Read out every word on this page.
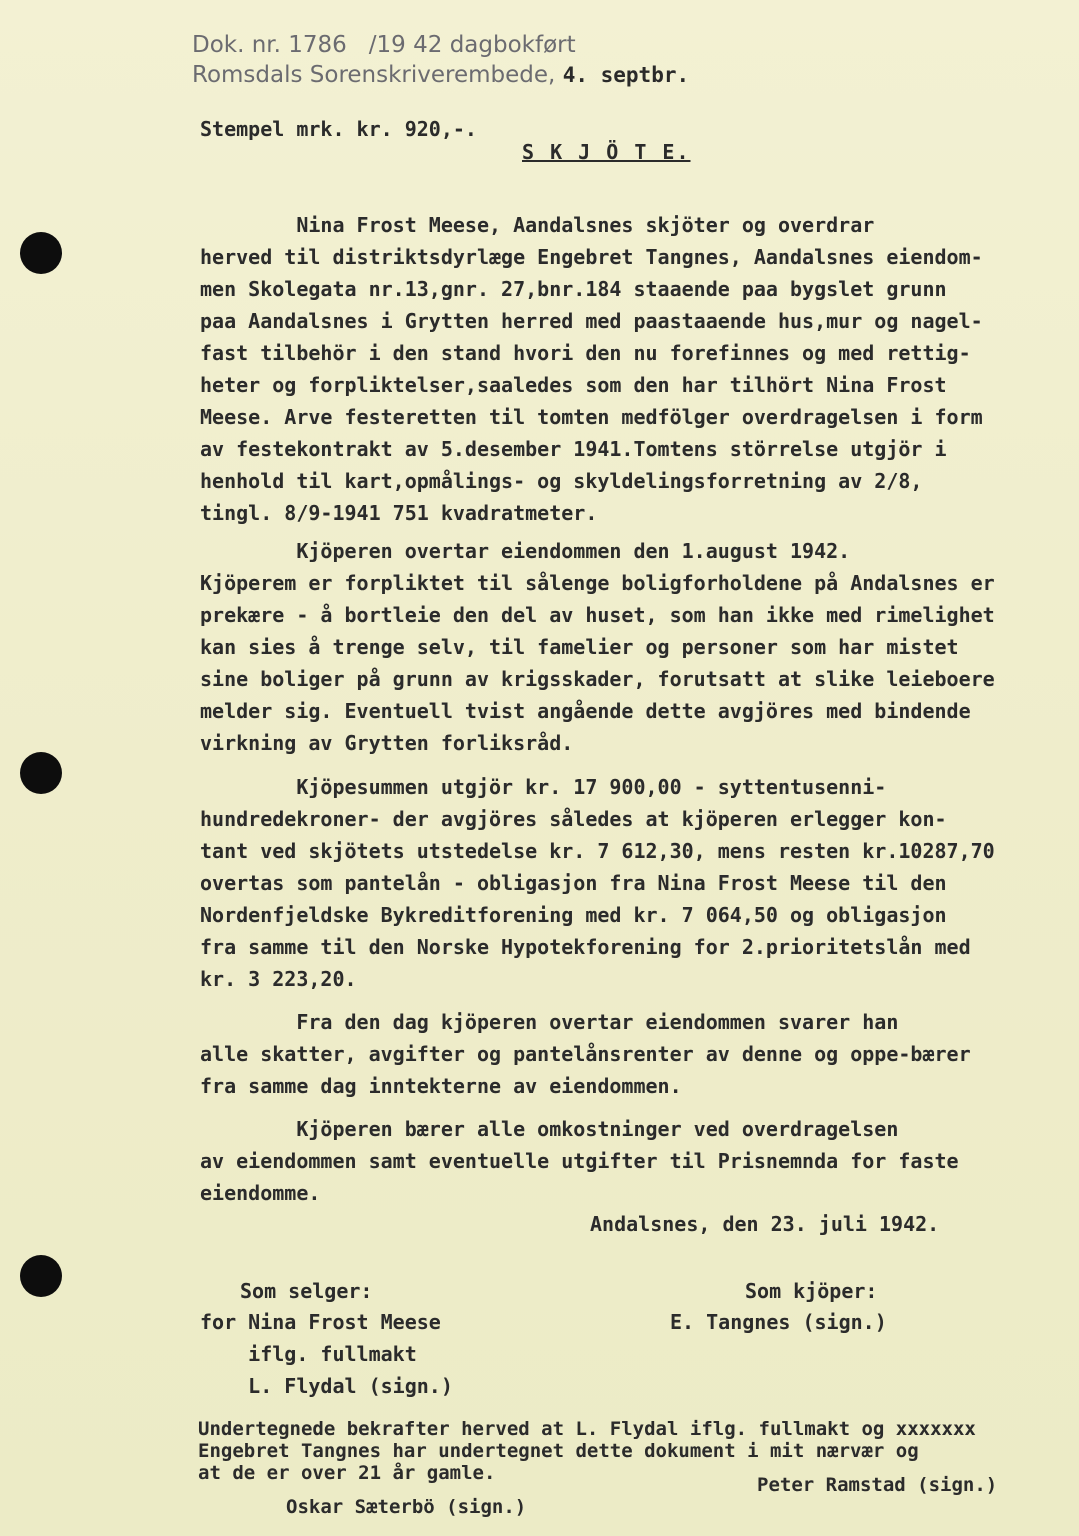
Dok. nr. 1786 /19 42 dagbokført
Romsdals Sorenskriverembede, 4. septbr.
Stempel mrk. kr. 920,-.
S K J Ö T E.

Nina Frost Meese, Aandalsnes skjöter og overdrar

herved til distriktsdyrlæge Engebret Tangnes, Aandalsnes eiendom-

men Skolegata nr.13,gnr. 27,bnr.184 staaende paa bygslet grunn

paa Aandalsnes i Grytten herred med paastaaende hus,mur og nagel-

fast tilbehör i den stand hvori den nu forefinnes og med rettig-

heter og forpliktelser,saaledes som den har tilhört Nina Frost

Meese. Arve festeretten til tomten medfölger overdragelsen i form

av festekontrakt av 5.desember 1941.Tomtens störrelse utgjör i

henhold til kart,opmålings- og skyldelingsforretning av 2/8,

tingl. 8/9-1941 751 kvadratmeter.

Kjöperen overtar eiendommen den 1.august 1942.

Kjöperem er forpliktet til sålenge boligforholdene på Andalsnes er

prekære - å bortleie den del av huset, som han ikke med rimelighet

kan sies å trenge selv, til famelier og personer som har mistet

sine boliger på grunn av krigsskader, forutsatt at slike leieboere

melder sig. Eventuell tvist angående dette avgjöres med bindende

virkning av Grytten forliksråd.

Kjöpesummen utgjör kr. 17 900,00 - syttentusenni-

hundredekroner- der avgjöres således at kjöperen erlegger kon-

tant ved skjötets utstedelse kr. 7 612,30, mens resten kr.10287,70

overtas som pantelån - obligasjon fra Nina Frost Meese til den

Nordenfjeldske Bykreditforening med kr. 7 064,50 og obligasjon

fra samme til den Norske Hypotekforening for 2.prioritetslån med

kr. 3 223,20.

Fra den dag kjöperen overtar eiendommen svarer han

alle skatter, avgifter og pantelånsrenter av denne og oppe-bærer

fra samme dag inntekterne av eiendommen.

Kjöperen bærer alle omkostninger ved overdragelsen

av eiendommen samt eventuelle utgifter til Prisnemnda for faste

eiendomme.

Andalsnes, den 23. juli 1942.
Som selger:
for Nina Frost Meese
iflg. fullmakt
L. Flydal (sign.)
Som kjöper:
E. Tangnes (sign.)
Undertegnede bekrafter herved at L. Flydal iflg. fullmakt og xxxxxxx
Engebret Tangnes har undertegnet dette dokument i mit nærvær og
at de er over 21 år gamle.
Peter Ramstad (sign.)
Oskar Sæterbö (sign.)
